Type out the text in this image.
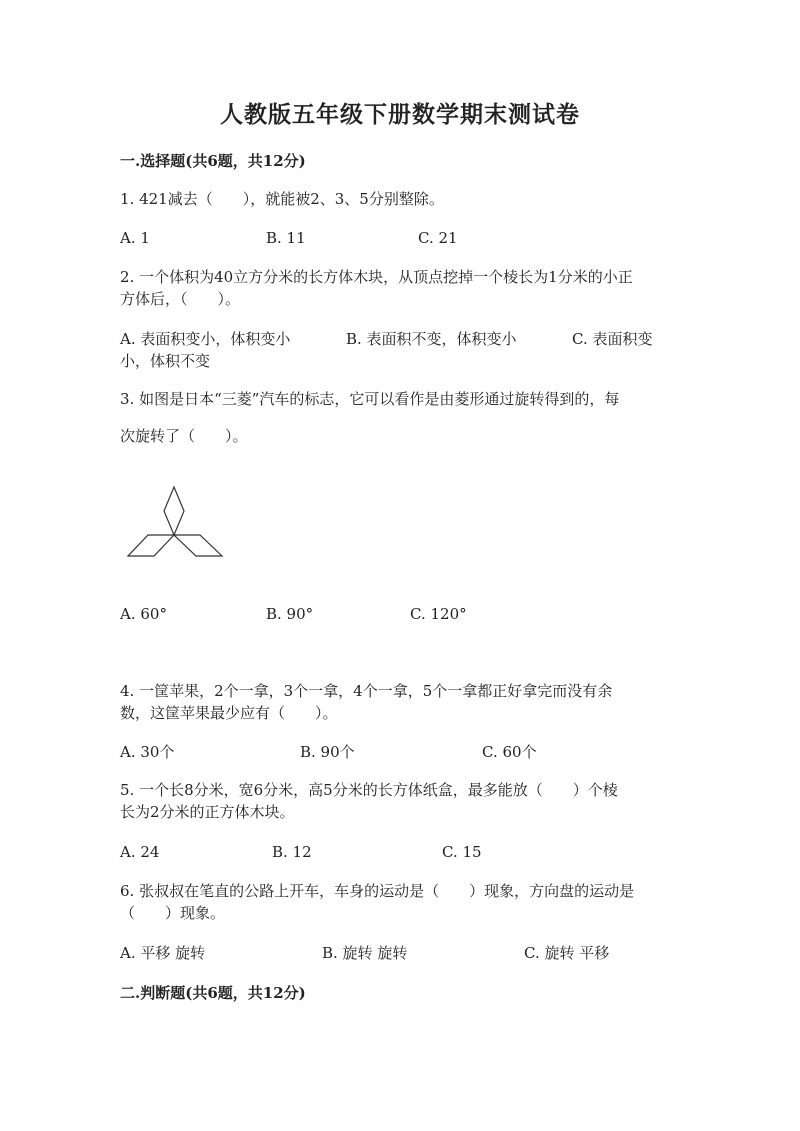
人教版五年级下册数学期末测试卷
一.选择题(共6题，共12分)
1. 421减去（　　），就能被2、3、5分别整除。
A. 1	B. 11	C. 21
2. 一个体积为40立方分米的长方体木块，从顶点挖掉一个棱长为1分米的小正
方体后，（　　）。
A. 表面积变小，体积变小	B. 表面积不变，体积变小	C. 表面积变
小，体积不变
3. 如图是日本“三菱”汽车的标志，它可以看作是由菱形通过旋转得到的，每
次旋转了（　　）。
A. 60°	B. 90°	C. 120°
4. 一筐苹果，2个一拿，3个一拿，4个一拿，5个一拿都正好拿完而没有余
数，这筐苹果最少应有（　　）。
A. 30个	B. 90个	C. 60个
5. 一个长8分米，宽6分米，高5分米的长方体纸盒，最多能放（　　）个棱
长为2分米的正方体木块。
A. 24	B. 12	C. 15
6. 张叔叔在笔直的公路上开车，车身的运动是（　　）现象，方向盘的运动是
（　　）现象。
A. 平移 旋转	B. 旋转 旋转	C. 旋转 平移
二.判断题(共6题，共12分)
